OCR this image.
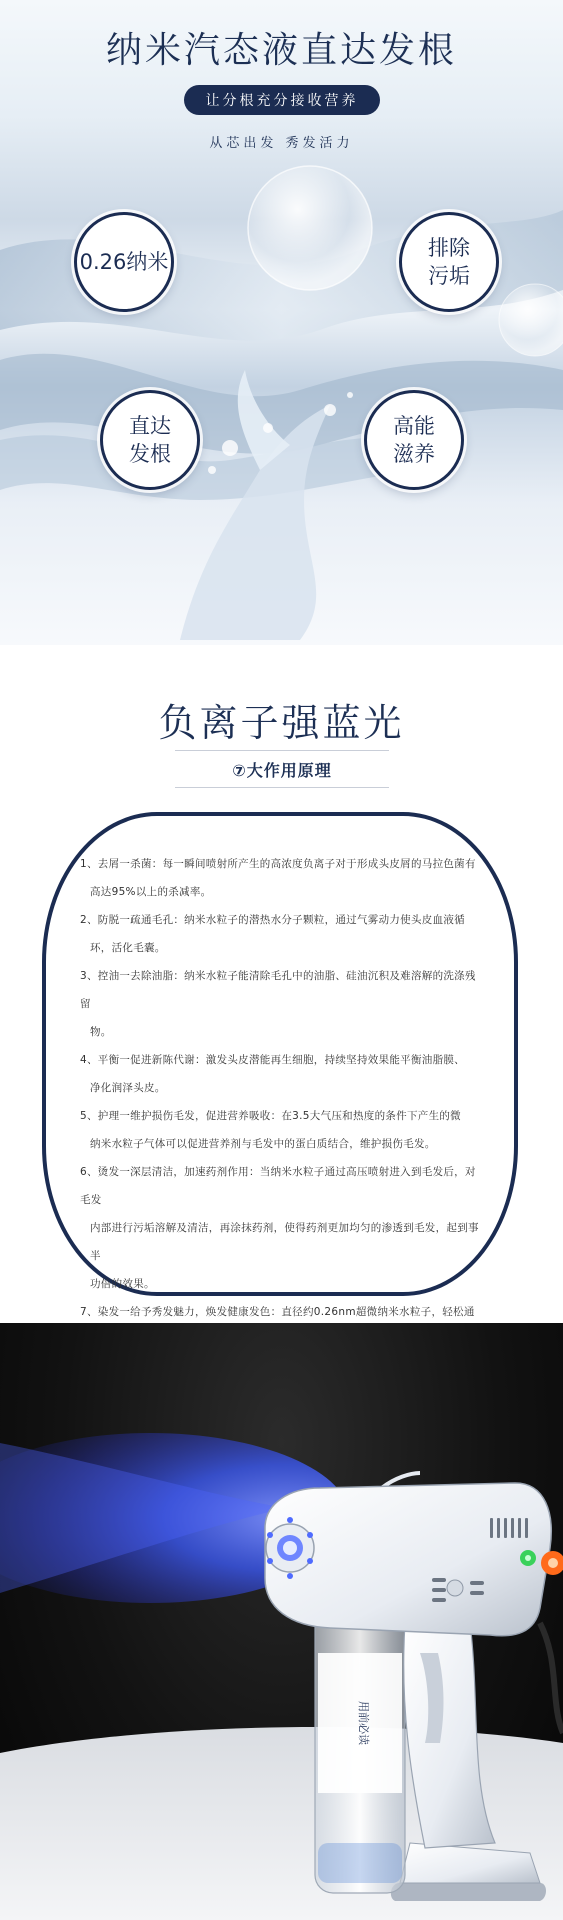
纳米汽态液直达发根
让分根充分接收营养
从芯出发 秀发活力
0.26纳米
排除
污垢
直达
发根
高能
滋养
负离子强蓝光
⑦大作用原理
1、去屑一杀菌：每一瞬间喷射所产生的高浓度负离子对于形成头皮屑的马拉色菌有
高达95%以上的杀减率。
2、防脱一疏通毛孔：纳米水粒子的潜热水分子颗粒，通过气雾动力使头皮血液循
环，活化毛囊。
3、控油一去除油脂：纳米水粒子能清除毛孔中的油脂、硅油沉积及难溶解的洗涤残留
物。
4、平衡一促进新陈代谢：激发头皮潜能再生细胞，持续坚持效果能平衡油脂膜、
净化润泽头皮。
5、护理一维护损伤毛发，促进营养吸收：在3.5大气压和热度的条件下产生的微
纳米水粒子气体可以促进营养剂与毛发中的蛋白质结合，维护损伤毛发。
6、烫发一深层清洁，加速药剂作用：当纳米水粒子通过高压喷射进入到毛发后，对毛发
内部进行污垢溶解及清洁，再涂抹药剂，使得药剂更加均匀的渗透到毛发，起到事半
功倍的效果。
7、染发一给予秀发魅力，焕发健康发色：直径约0.26nm超微纳米水粒子，轻松通
用前必读
